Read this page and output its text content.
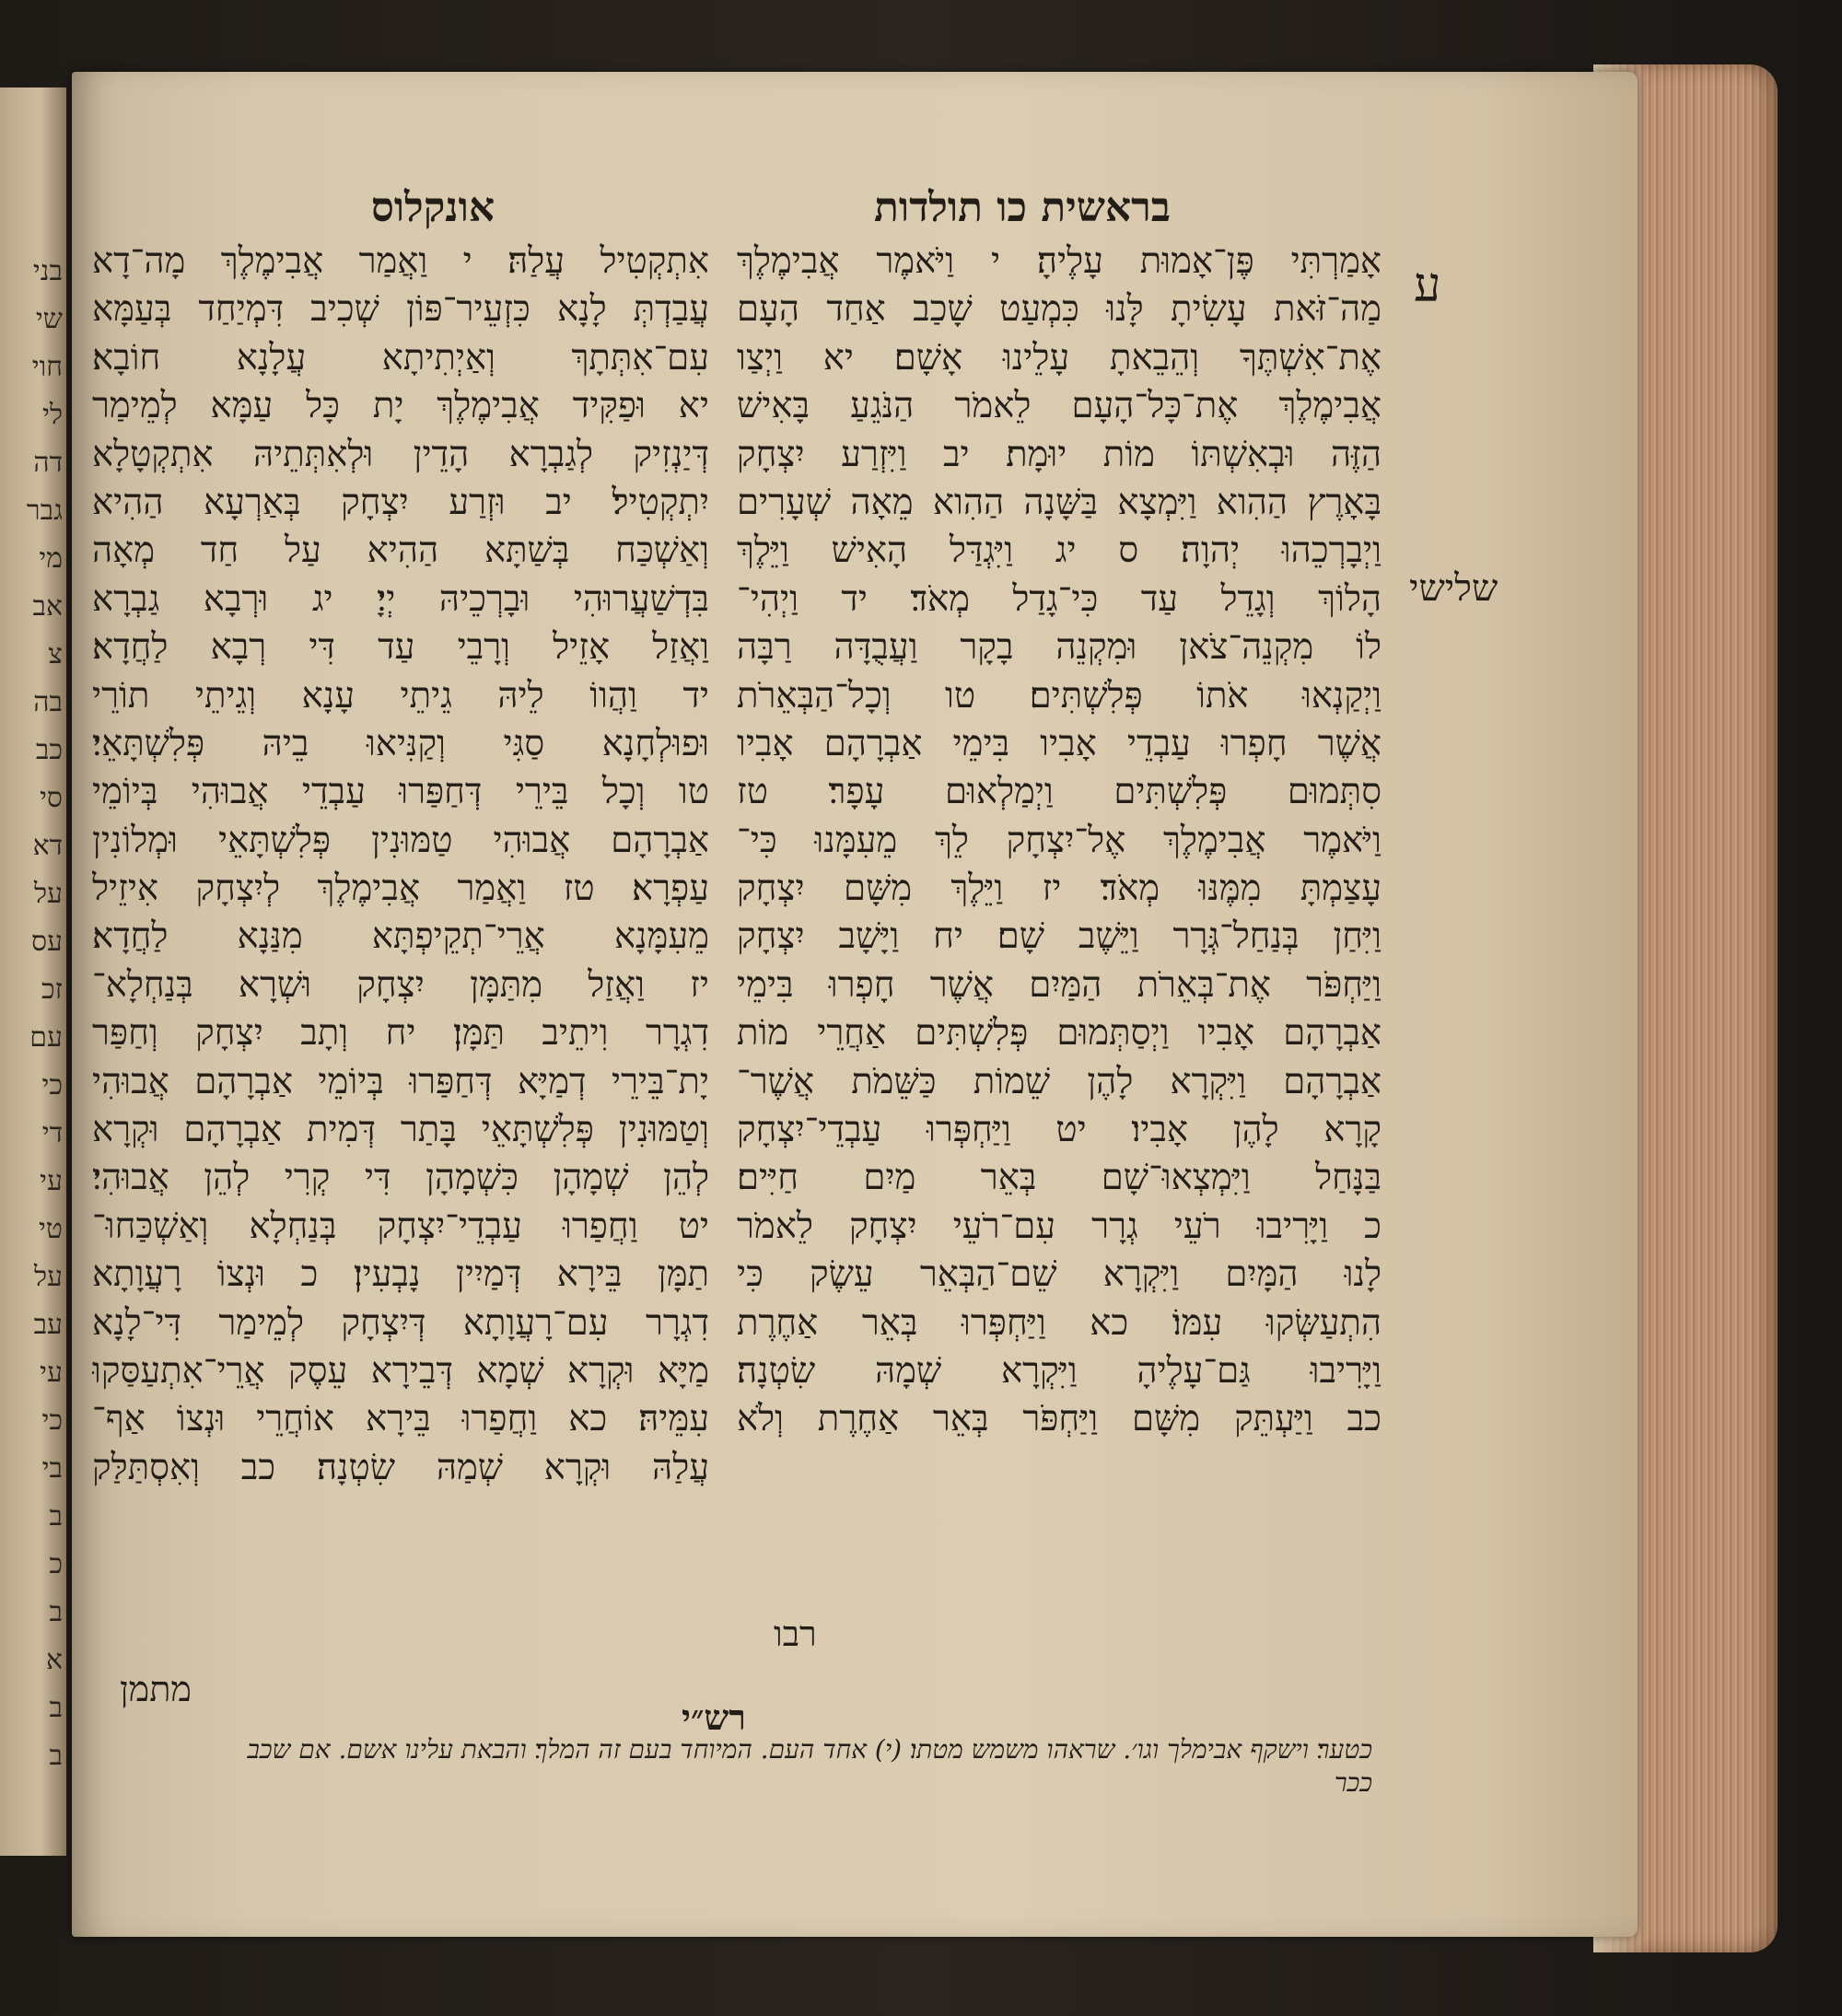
בני
שי
חוי
לי
דה
גבר
מי
אב
צ
בה
כב
סי
דא
על
עס
זכ
עם
כי
די
עי
טי
על
עב
עי
כי
בי
ב
כ
ב
א
ב
ב
בראשית כו תולדות
אונקלוס
ע
שלישי
אָמַרְתִּי פֶּן־אָמוּת עָלֶיהָ׃ י וַיֹּאמֶר אֲבִימֶלֶךְ
מַה־זֹּאת עָשִׂיתָ לָּנוּ כִּמְעַט שָׁכַב אַחַד הָעָם
אֶת־אִשְׁתֶּךָ וְהֵבֵאתָ עָלֵינוּ אָשָׁם׃ יא וַיְצַו
אֲבִימֶלֶךְ אֶת־כָּל־הָעָם לֵאמֹר הַנֹּגֵעַ בָּאִישׁ
הַזֶּה וּבְאִשְׁתּוֹ מוֹת יוּמָת׃ יב וַיִּזְרַע יִצְחָק
בָּאָרֶץ הַהִוא וַיִּמְצָא בַּשָּׁנָה הַהִוא מֵאָה שְׁעָרִים
וַיְבָרְכֵהוּ יְהוָה׃ ס יג וַיִּגְדַּל הָאִישׁ וַיֵּלֶךְ
הָלוֹךְ וְגָדֵל עַד כִּי־גָדַל מְאֹד׃ יד וַיְהִי־
לוֹ מִקְנֵה־צֹאן וּמִקְנֵה בָקָר וַעֲבֻדָּה רַבָּה
וַיְקַנְאוּ אֹתוֹ פְּלִשְׁתִּים׃ טו וְכָל־הַבְּאֵרֹת
אֲשֶׁר חָפְרוּ עַבְדֵי אָבִיו בִּימֵי אַבְרָהָם אָבִיו
סִתְּמוּם פְּלִשְׁתִּים וַיְמַלְאוּם עָפָר׃ טז
וַיֹּאמֶר אֲבִימֶלֶךְ אֶל־יִצְחָק לֵךְ מֵעִמָּנוּ כִּי־
עָצַמְתָּ מִמֶּנּוּ מְאֹד׃ יז וַיֵּלֶךְ מִשָּׁם יִצְחָק
וַיִּחַן בְּנַחַל־גְּרָר וַיֵּשֶׁב שָׁם׃ יח וַיָּשָׁב יִצְחָק
וַיַּחְפֹּר אֶת־בְּאֵרֹת הַמַּיִם אֲשֶׁר חָפְרוּ בִּימֵי
אַבְרָהָם אָבִיו וַיְסַתְּמוּם פְּלִשְׁתִּים אַחֲרֵי מוֹת
אַבְרָהָם וַיִּקְרָא לָהֶן שֵׁמוֹת כַּשֵּׁמֹת אֲשֶׁר־
קָרָא לָהֶן אָבִיו׃ יט וַיַּחְפְּרוּ עַבְדֵי־יִצְחָק
בַּנָּחַל וַיִּמְצְאוּ־שָׁם בְּאֵר מַיִם חַיִּים׃
כ וַיָּרִיבוּ רֹעֵי גְרָר עִם־רֹעֵי יִצְחָק לֵאמֹר
לָנוּ הַמָּיִם וַיִּקְרָא שֵׁם־הַבְּאֵר עֵשֶׂק כִּי
הִתְעַשְּׂקוּ עִמּוֹ׃ כא וַיַּחְפְּרוּ בְּאֵר אַחֶרֶת
וַיָּרִיבוּ גַּם־עָלֶיהָ וַיִּקְרָא שְׁמָהּ שִׂטְנָה׃
כב וַיַּעְתֵּק מִשָּׁם וַיַּחְפֹּר בְּאֵר אַחֶרֶת וְלֹא
אִתְקְטִיל עֲלַהּ׃ י וַאֲמַר אֲבִימֶלֶךְ מָה־דָא
עֲבַדְתְּ לָנָא כִּזְעֵיר־פּוֹן שְׁכִיב דִּמְיַחַד בְּעַמָּא
עִם־אִתְּתָךְ וְאַיְתִיתָא עֲלָנָא חוֹבָא׃
יא וּפַקִּיד אֲבִימֶלֶךְ יָת כָּל עַמָּא לְמֵימַר
דְּיַנְזִיק לְגַבְרָא הָדֵין וּלְאִתְּתֵיהּ אִתְקְטָלָא
יִתְקְטִיל׃ יב וּזְרַע יִצְחָק בְּאַרְעָא הַהִיא
וְאַשְׁכַּח בְּשַׁתָּא הַהִיא עַל חַד מְאָה
בִּדְשַׁעֲרוּהִי וּבָרְכֵיהּ יְיָ׃ יג וּרְבָא גַבְרָא
וַאֲזַל אָזֵיל וְרָבֵי עַד דִּי רְבָא לַחֲדָא׃
יד וַהֲווֹ לֵיהּ גֵיתֵי עָנָא וְגֵיתֵי תוֹרֵי
וּפוּלְחָנָא סַגִּי וְקַנִּיאוּ בֵיהּ פְּלִשְׁתָּאֵי׃
טו וְכָל בֵּירֵי דְּחַפַּרוּ עַבְדֵי אֲבוּהִי בְּיוֹמֵי
אַבְרָהָם אֲבוּהִי טַמּוּנִין פְּלִשְׁתָּאֵי וּמְלוֹנִין
עַפְרָא׃ טז וַאֲמַר אֲבִימֶלֶךְ לְיִצְחָק אִיזֵיל
מֵעִמָּנָא אֲרֵי־תְקֵיפְתָּא מִנַּנָא לַחֲדָא׃
יז וַאֲזַל מִתַּמָּן יִצְחָק וּשְׁרָא בְּנַחְלָא־
דִגְרָר וִיתֵיב תַּמָּן׃ יח וְתָב יִצְחָק וְחַפַּר
יָת־בֵּירֵי דְמַיָּא דְּחַפַּרוּ בְּיוֹמֵי אַבְרָהָם אֲבוּהִי
וְטַמּוּנִין פְּלִשְׁתָּאֵי בָּתַר דְּמִית אַבְרָהָם וּקְרָא
לְהֵן שְׁמָהָן כִּשְׁמָהָן דִּי קְרִי לְהֵן אֲבוּהִי׃
יט וַחֲפַרוּ עַבְדֵי־יִצְחָק בְּנַחְלָא וְאַשְׁכַּחוּ־
תַמָּן בֵּירָא דְּמַיִין נָבְעִין׃ כ וּנְצוֹ רָעֲוָתָא
דִגְרָר עִם־רָעֲוָתָא דְּיִצְחָק לְמֵימַר דִּי־לָנָא
מַיָּא וּקְרָא שְׁמָא דְּבֵירָא עֵסֶק אֲרֵי־אִתְעַסַּקוּ
עִמֵּיהּ׃ כא וַחֲפַרוּ בֵּירָא אוֹחֲרֵי וּנְצוֹ אַף־
עֲלַהּ וּקְרָא שְׁמַהּ שִׂטְנָה׃ כב וְאִסְתַּלַּק
רבו
מתמן
רש״י
כטער׃ וישקף אבימלך וגו׳. שראהו משמש מטתו׃ (י) אחד העם. המיוחד בעם זה המלך׃ והבאת עלינו אשם. אם שכב
ככר
